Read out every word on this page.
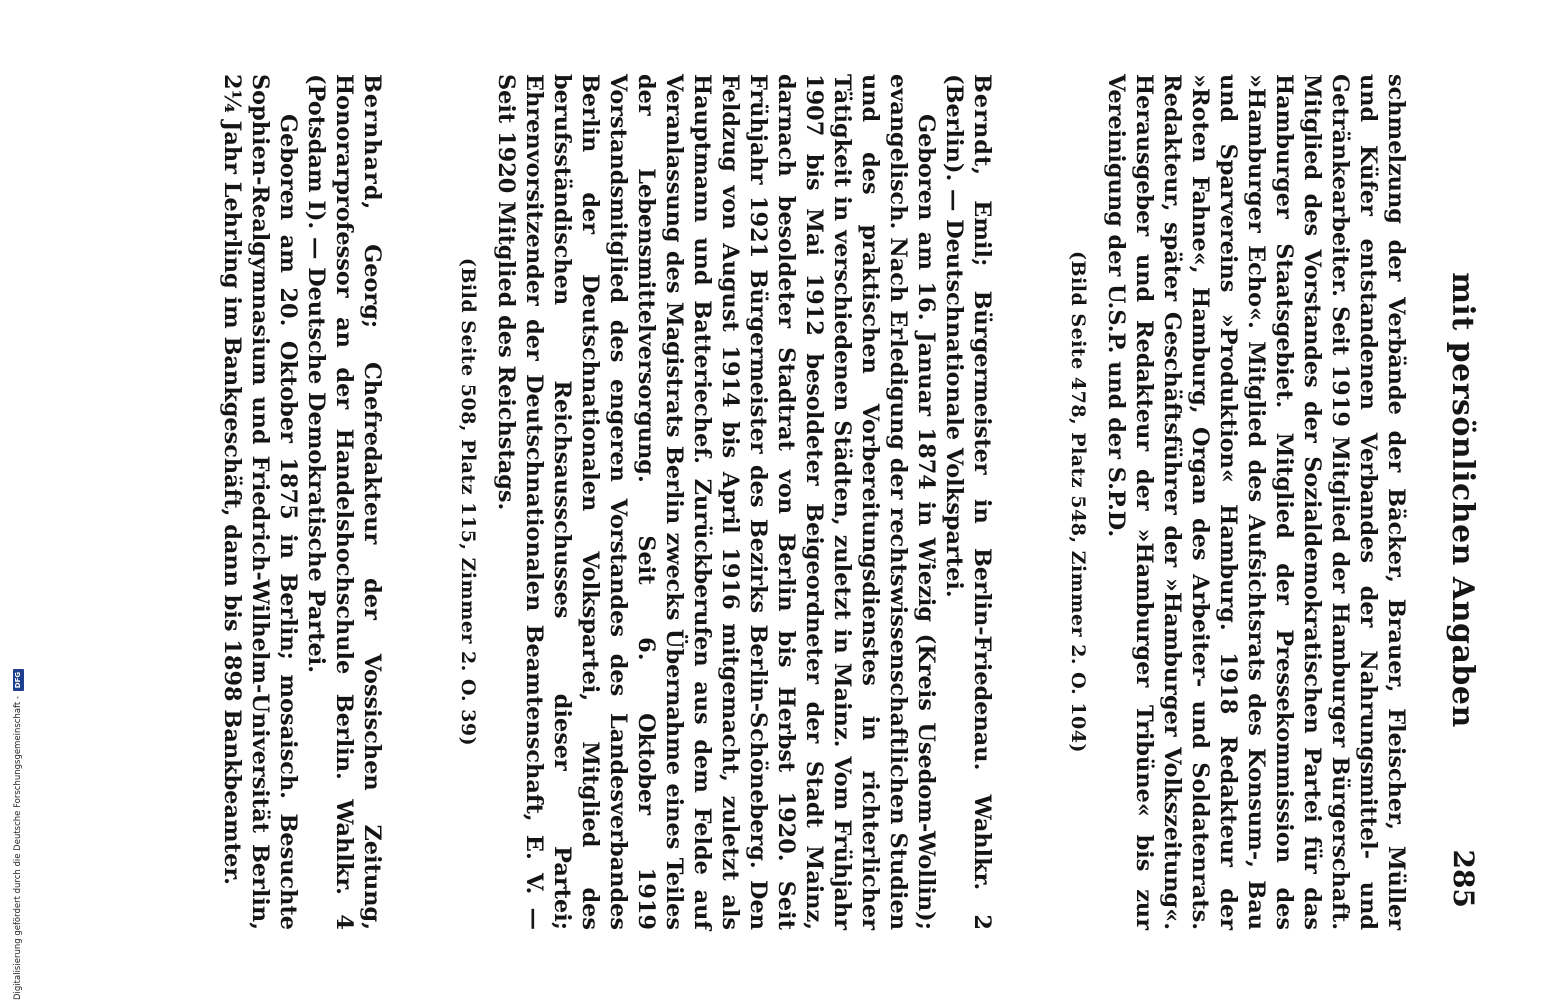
mit persönlichen Angaben
285

schmelzung der Verbände der Bäcker, Brauer, Fleischer, Müller und Küfer entstandenen Verbandes der Nahrungsmittel- und Getränkearbeiter. Seit 1919 Mitglied der Hamburger Bürgerschaft. Mitglied des Vorstandes der Sozialdemokratischen Partei für das Hamburger Staatsgebiet. Mitglied der Pressekommission des »Hamburger Echo«. Mitglied des Aufsichtsrats des Konsum-, Bau und Sparvereins »Produktion« Hamburg. 1918 Redakteur der »Roten Fahne«, Hamburg, Organ des Arbeiter- und Soldatenrats. Redakteur, später Geschäftsführer der »Hamburger Volkszeitung«. Herausgeber und Redakteur der »Hamburger Tribüne« bis zur Vereinigung der U.S.P. und der S.P.D.

(Bild Seite 478, Platz 548, Zimmer 2. O. 104)

Berndt, Emil; Bürgermeister in Berlin-Friedenau. Wahlkr. 2 (Berlin). — Deutschnationale Volkspartei.

Geboren am 16. Januar 1874 in Wiezig (Kreis Usedom-Wollin); evangelisch. Nach Erledigung der rechtswissenschaftlichen Studien und des praktischen Vorbereitungsdienstes in richterlicher Tätigkeit in verschiedenen Städten, zuletzt in Mainz. Vom Frühjahr 1907 bis Mai 1912 besoldeter Beigeordneter der Stadt Mainz, darnach besoldeter Stadtrat von Berlin bis Herbst 1920. Seit Frühjahr 1921 Bürgermeister des Bezirks Berlin-Schöneberg. Den Feldzug von August 1914 bis April 1916 mitgemacht, zuletzt als Hauptmann und Batteriechef. Zurückberufen aus dem Felde auf Veranlassung des Magistrats Berlin zwecks Übernahme eines Teiles der Lebensmittelversorgung. Seit 6. Oktober 1919 Vorstandsmitglied des engeren Vorstandes des Landesverbandes Berlin der Deutschnationalen Volkspartei, Mitglied des berufsständischen Reichsausschusses dieser Partei; Ehrenvorsitzender der Deutschnationalen Beamtenschaft, E. V. — Seit 1920 Mitglied des Reichstags.

(Bild Seite 508, Platz 115, Zimmer 2. O. 39)

Bernhard, Georg; Chefredakteur der Vossischen Zeitung, Honorarprofessor an der Handelshochschule Berlin. Wahlkr. 4 (Potsdam I). — Deutsche Demokratische Partei.

Geboren am 20. Oktober 1875 in Berlin; mosaisch. Besuchte Sophien-Realgymnasium und Friedrich-Wilhelm-Universität Berlin, 2¼ Jahr Lehrling im Bankgeschäft, dann bis 1898 Bankbeamter.

Digitalisierung gefördert durch die Deutsche Forschungsgemeinschaft -
DFG
